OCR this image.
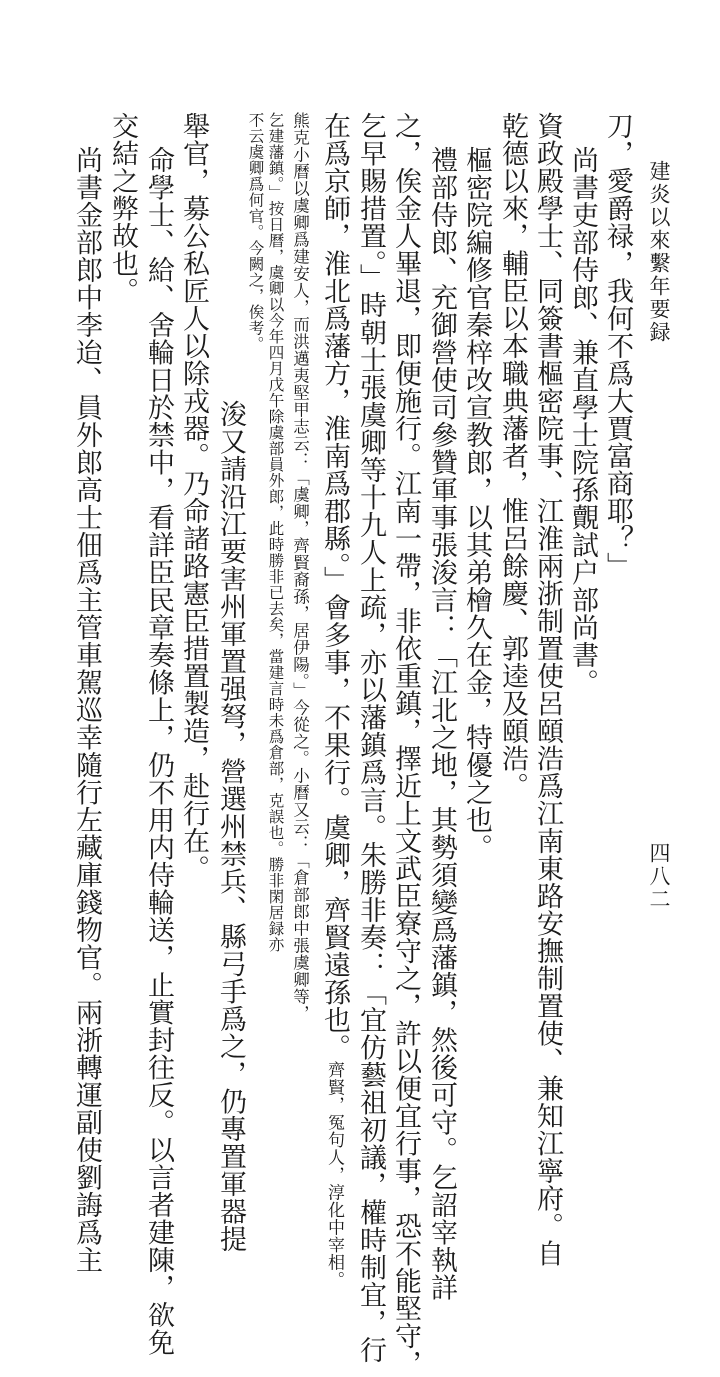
建炎以來繫年要録
四八二
刀，愛爵禄，我何不爲大賈富商耶？」
尚書吏部侍郎、兼直學士院孫覿試户部尚書。
資政殿學士、同簽書樞密院事、江淮兩浙制置使呂頤浩爲江南東路安撫制置使、兼知江寧府。自
乾德以來，輔臣以本職典藩者，惟呂餘慶、郭逵及頤浩。
樞密院編修官秦梓改宣教郎，以其弟檜久在金，特優之也。
禮部侍郎、充御營使司參贊軍事張浚言：「江北之地，其勢須變爲藩鎮，然後可守。乞詔宰執詳
之，俟金人畢退，即便施行。江南一帶，非依重鎮，擇近上文武臣寮守之，許以便宜行事，恐不能堅守，
乞早賜措置。」時朝士張虞卿等十九人上疏，亦以藩鎮爲言。朱勝非奏：「宜仿藝祖初議，權時制宜，行
在爲京師，淮北爲藩方，淮南爲郡縣。」會多事，不果行。虞卿，齊賢遠孫也。齊賢，冤句人，淳化中宰相。
熊克小曆以虞卿爲建安人，而洪邁夷堅甲志云：「虞卿，齊賢裔孫，居伊陽。」今從之。小曆又云：「倉部郎中張虞卿等，
乞建藩鎮。」按日曆，虞卿以今年四月戊午除虞部員外郎，此時勝非已去矣，當建言時未爲倉部，克誤也。勝非閑居録亦
不云虞卿爲何官。今闕之，俟考。
浚又請沿江要害州軍置强弩，營選州禁兵、縣弓手爲之，仍專置軍器提
舉官，募公私匠人以除戎器。乃命諸路憲臣措置製造，赴行在。
命學士、給、舍輪日於禁中，看詳臣民章奏條上，仍不用内侍輪送，止實封往反。以言者建陳，欲免
交結之弊故也。
尚書金部郎中李迨、員外郎高士佃爲主管車駕巡幸隨行左藏庫錢物官。兩浙轉運副使劉誨爲主
